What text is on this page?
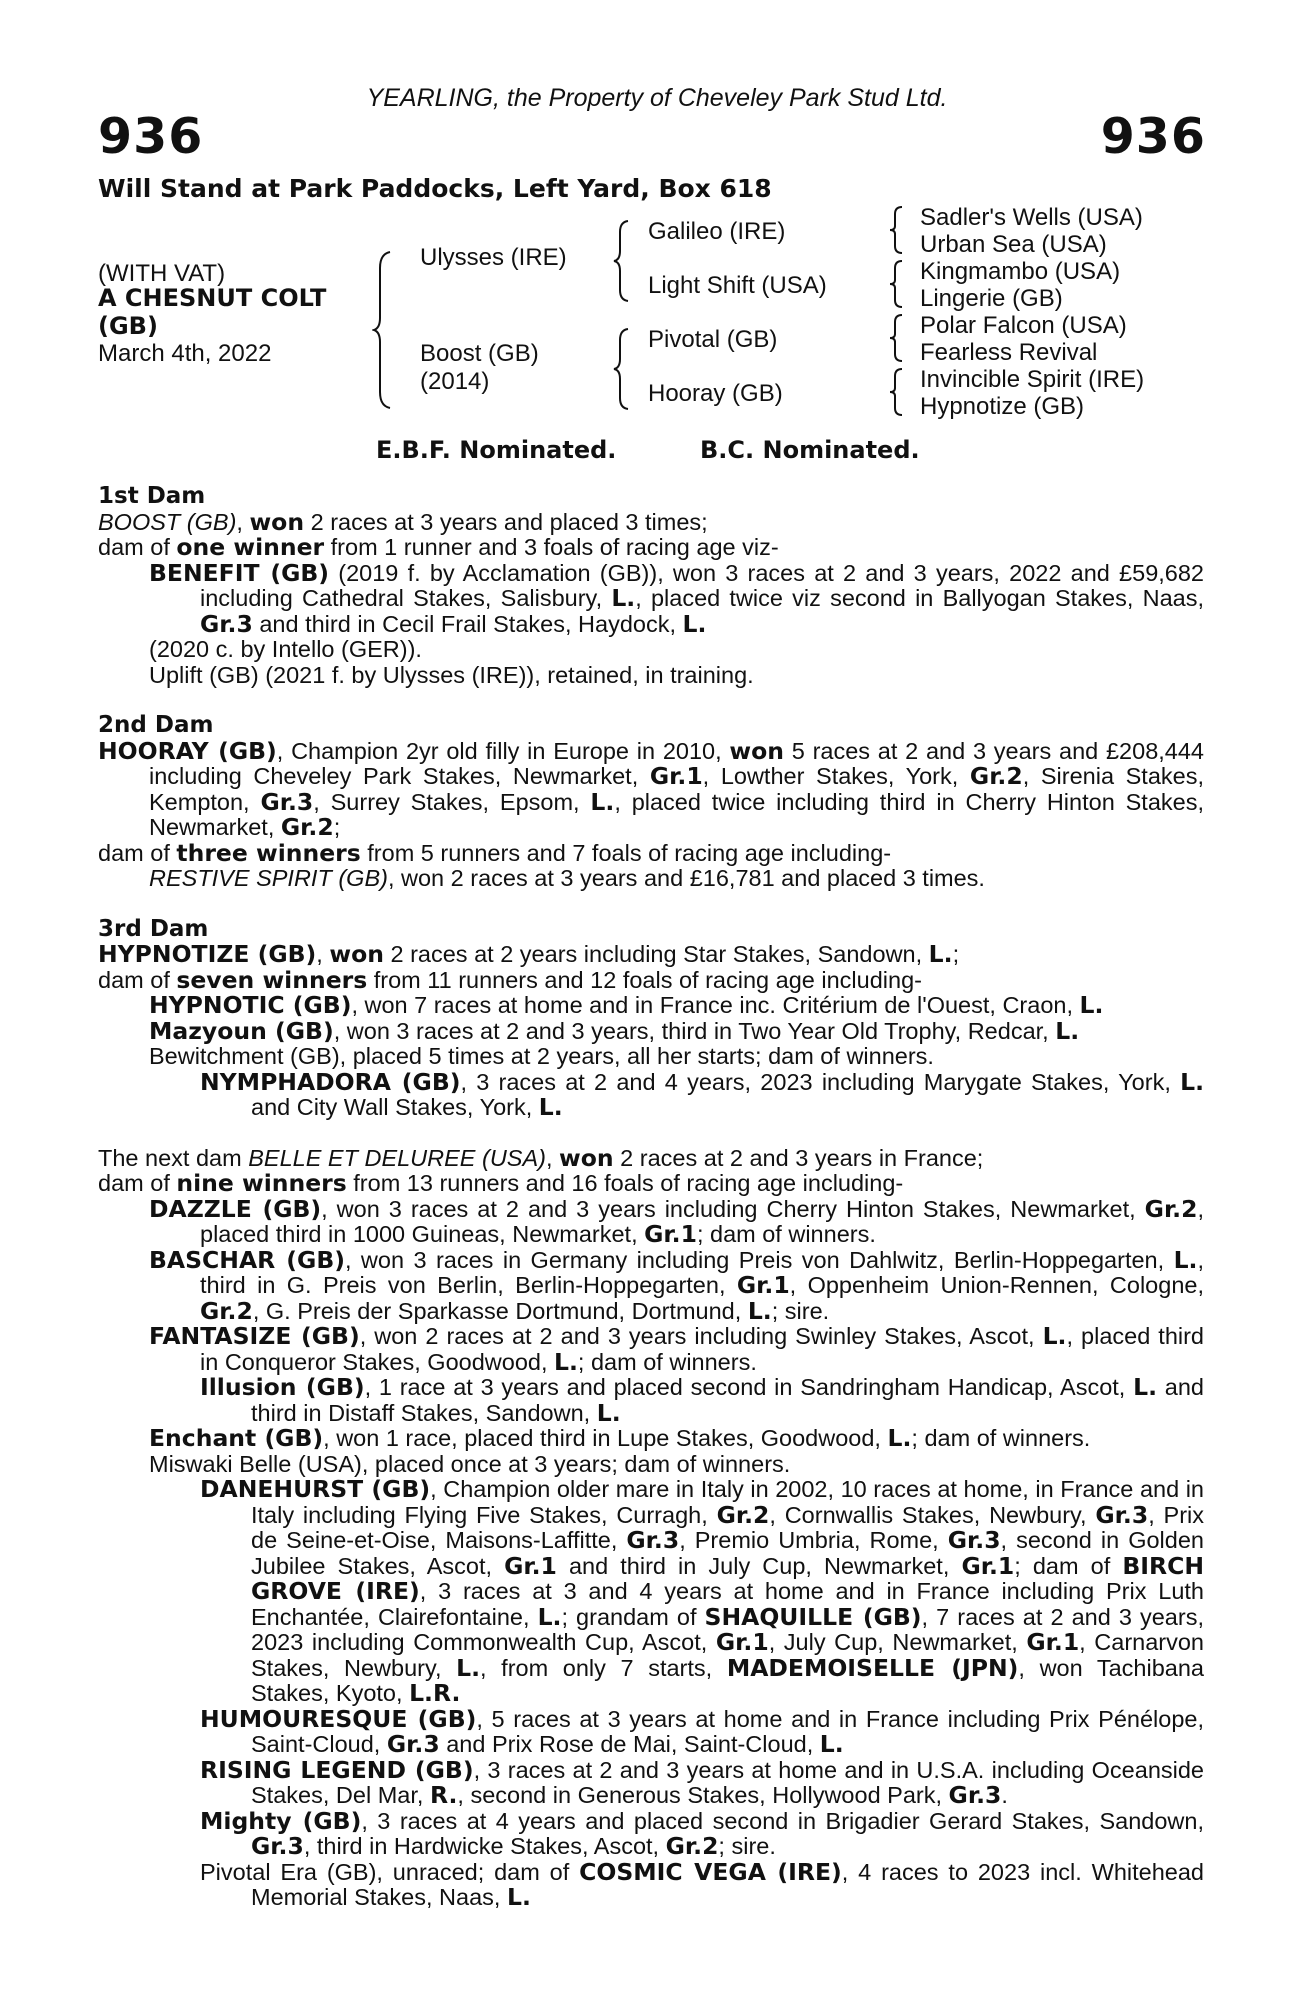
YEARLING, the Property of Cheveley Park Stud Ltd.
936	936
Will Stand at Park Paddocks, Left Yard, Box 618
(WITH VAT)
A CHESNUT COLT
(GB)
March 4th, 2022
Ulysses (IRE)
Boost (GB)
(2014)
Galileo (IRE)
Light Shift (USA)
Pivotal (GB)
Hooray (GB)
Sadler's Wells (USA)
Urban Sea (USA)
Kingmambo (USA)
Lingerie (GB)
Polar Falcon (USA)
Fearless Revival
Invincible Spirit (IRE)
Hypnotize (GB)
E.B.F. Nominated.	B.C. Nominated.
1st Dam
BOOST (GB), won 2 races at 3 years and placed 3 times;
dam of one winner from 1 runner and 3 foals of racing age viz-
BENEFIT (GB) (2019 f. by Acclamation (GB)), won 3 races at 2 and 3 years, 2022 and £59,682 including Cathedral Stakes, Salisbury, L., placed twice viz second in Ballyogan Stakes, Naas, Gr.3 and third in Cecil Frail Stakes, Haydock, L.
(2020 c. by Intello (GER)).
Uplift (GB) (2021 f. by Ulysses (IRE)), retained, in training.
2nd Dam
HOORAY (GB), Champion 2yr old filly in Europe in 2010, won 5 races at 2 and 3 years and £208,444 including Cheveley Park Stakes, Newmarket, Gr.1, Lowther Stakes, York, Gr.2, Sirenia Stakes, Kempton, Gr.3, Surrey Stakes, Epsom, L., placed twice including third in Cherry Hinton Stakes, Newmarket, Gr.2;
dam of three winners from 5 runners and 7 foals of racing age including-
RESTIVE SPIRIT (GB), won 2 races at 3 years and £16,781 and placed 3 times.
3rd Dam
HYPNOTIZE (GB), won 2 races at 2 years including Star Stakes, Sandown, L.;
dam of seven winners from 11 runners and 12 foals of racing age including-
HYPNOTIC (GB), won 7 races at home and in France inc. Critérium de l'Ouest, Craon, L.
Mazyoun (GB), won 3 races at 2 and 3 years, third in Two Year Old Trophy, Redcar, L.
Bewitchment (GB), placed 5 times at 2 years, all her starts; dam of winners.
NYMPHADORA (GB), 3 races at 2 and 4 years, 2023 including Marygate Stakes, York, L. and City Wall Stakes, York, L.
The next dam BELLE ET DELUREE (USA), won 2 races at 2 and 3 years in France;
dam of nine winners from 13 runners and 16 foals of racing age including-
DAZZLE (GB), won 3 races at 2 and 3 years including Cherry Hinton Stakes, Newmarket, Gr.2, placed third in 1000 Guineas, Newmarket, Gr.1; dam of winners.
BASCHAR (GB), won 3 races in Germany including Preis von Dahlwitz, Berlin-Hoppegarten, L., third in G. Preis von Berlin, Berlin-Hoppegarten, Gr.1, Oppenheim Union-Rennen, Cologne, Gr.2, G. Preis der Sparkasse Dortmund, Dortmund, L.; sire.
FANTASIZE (GB), won 2 races at 2 and 3 years including Swinley Stakes, Ascot, L., placed third in Conqueror Stakes, Goodwood, L.; dam of winners.
Illusion (GB), 1 race at 3 years and placed second in Sandringham Handicap, Ascot, L. and third in Distaff Stakes, Sandown, L.
Enchant (GB), won 1 race, placed third in Lupe Stakes, Goodwood, L.; dam of winners.
Miswaki Belle (USA), placed once at 3 years; dam of winners.
DANEHURST (GB), Champion older mare in Italy in 2002, 10 races at home, in France and in Italy including Flying Five Stakes, Curragh, Gr.2, Cornwallis Stakes, Newbury, Gr.3, Prix de Seine-et-Oise, Maisons-Laffitte, Gr.3, Premio Umbria, Rome, Gr.3, second in Golden Jubilee Stakes, Ascot, Gr.1 and third in July Cup, Newmarket, Gr.1; dam of BIRCH GROVE (IRE), 3 races at 3 and 4 years at home and in France including Prix Luth Enchantée, Clairefontaine, L.; grandam of SHAQUILLE (GB), 7 races at 2 and 3 years, 2023 including Commonwealth Cup, Ascot, Gr.1, July Cup, Newmarket, Gr.1, Carnarvon Stakes, Newbury, L., from only 7 starts, MADEMOISELLE (JPN), won Tachibana Stakes, Kyoto, L.R.
HUMOURESQUE (GB), 5 races at 3 years at home and in France including Prix Pénélope, Saint-Cloud, Gr.3 and Prix Rose de Mai, Saint-Cloud, L.
RISING LEGEND (GB), 3 races at 2 and 3 years at home and in U.S.A. including Oceanside Stakes, Del Mar, R., second in Generous Stakes, Hollywood Park, Gr.3.
Mighty (GB), 3 races at 4 years and placed second in Brigadier Gerard Stakes, Sandown, Gr.3, third in Hardwicke Stakes, Ascot, Gr.2; sire.
Pivotal Era (GB), unraced; dam of COSMIC VEGA (IRE), 4 races to 2023 incl. Whitehead Memorial Stakes, Naas, L.
